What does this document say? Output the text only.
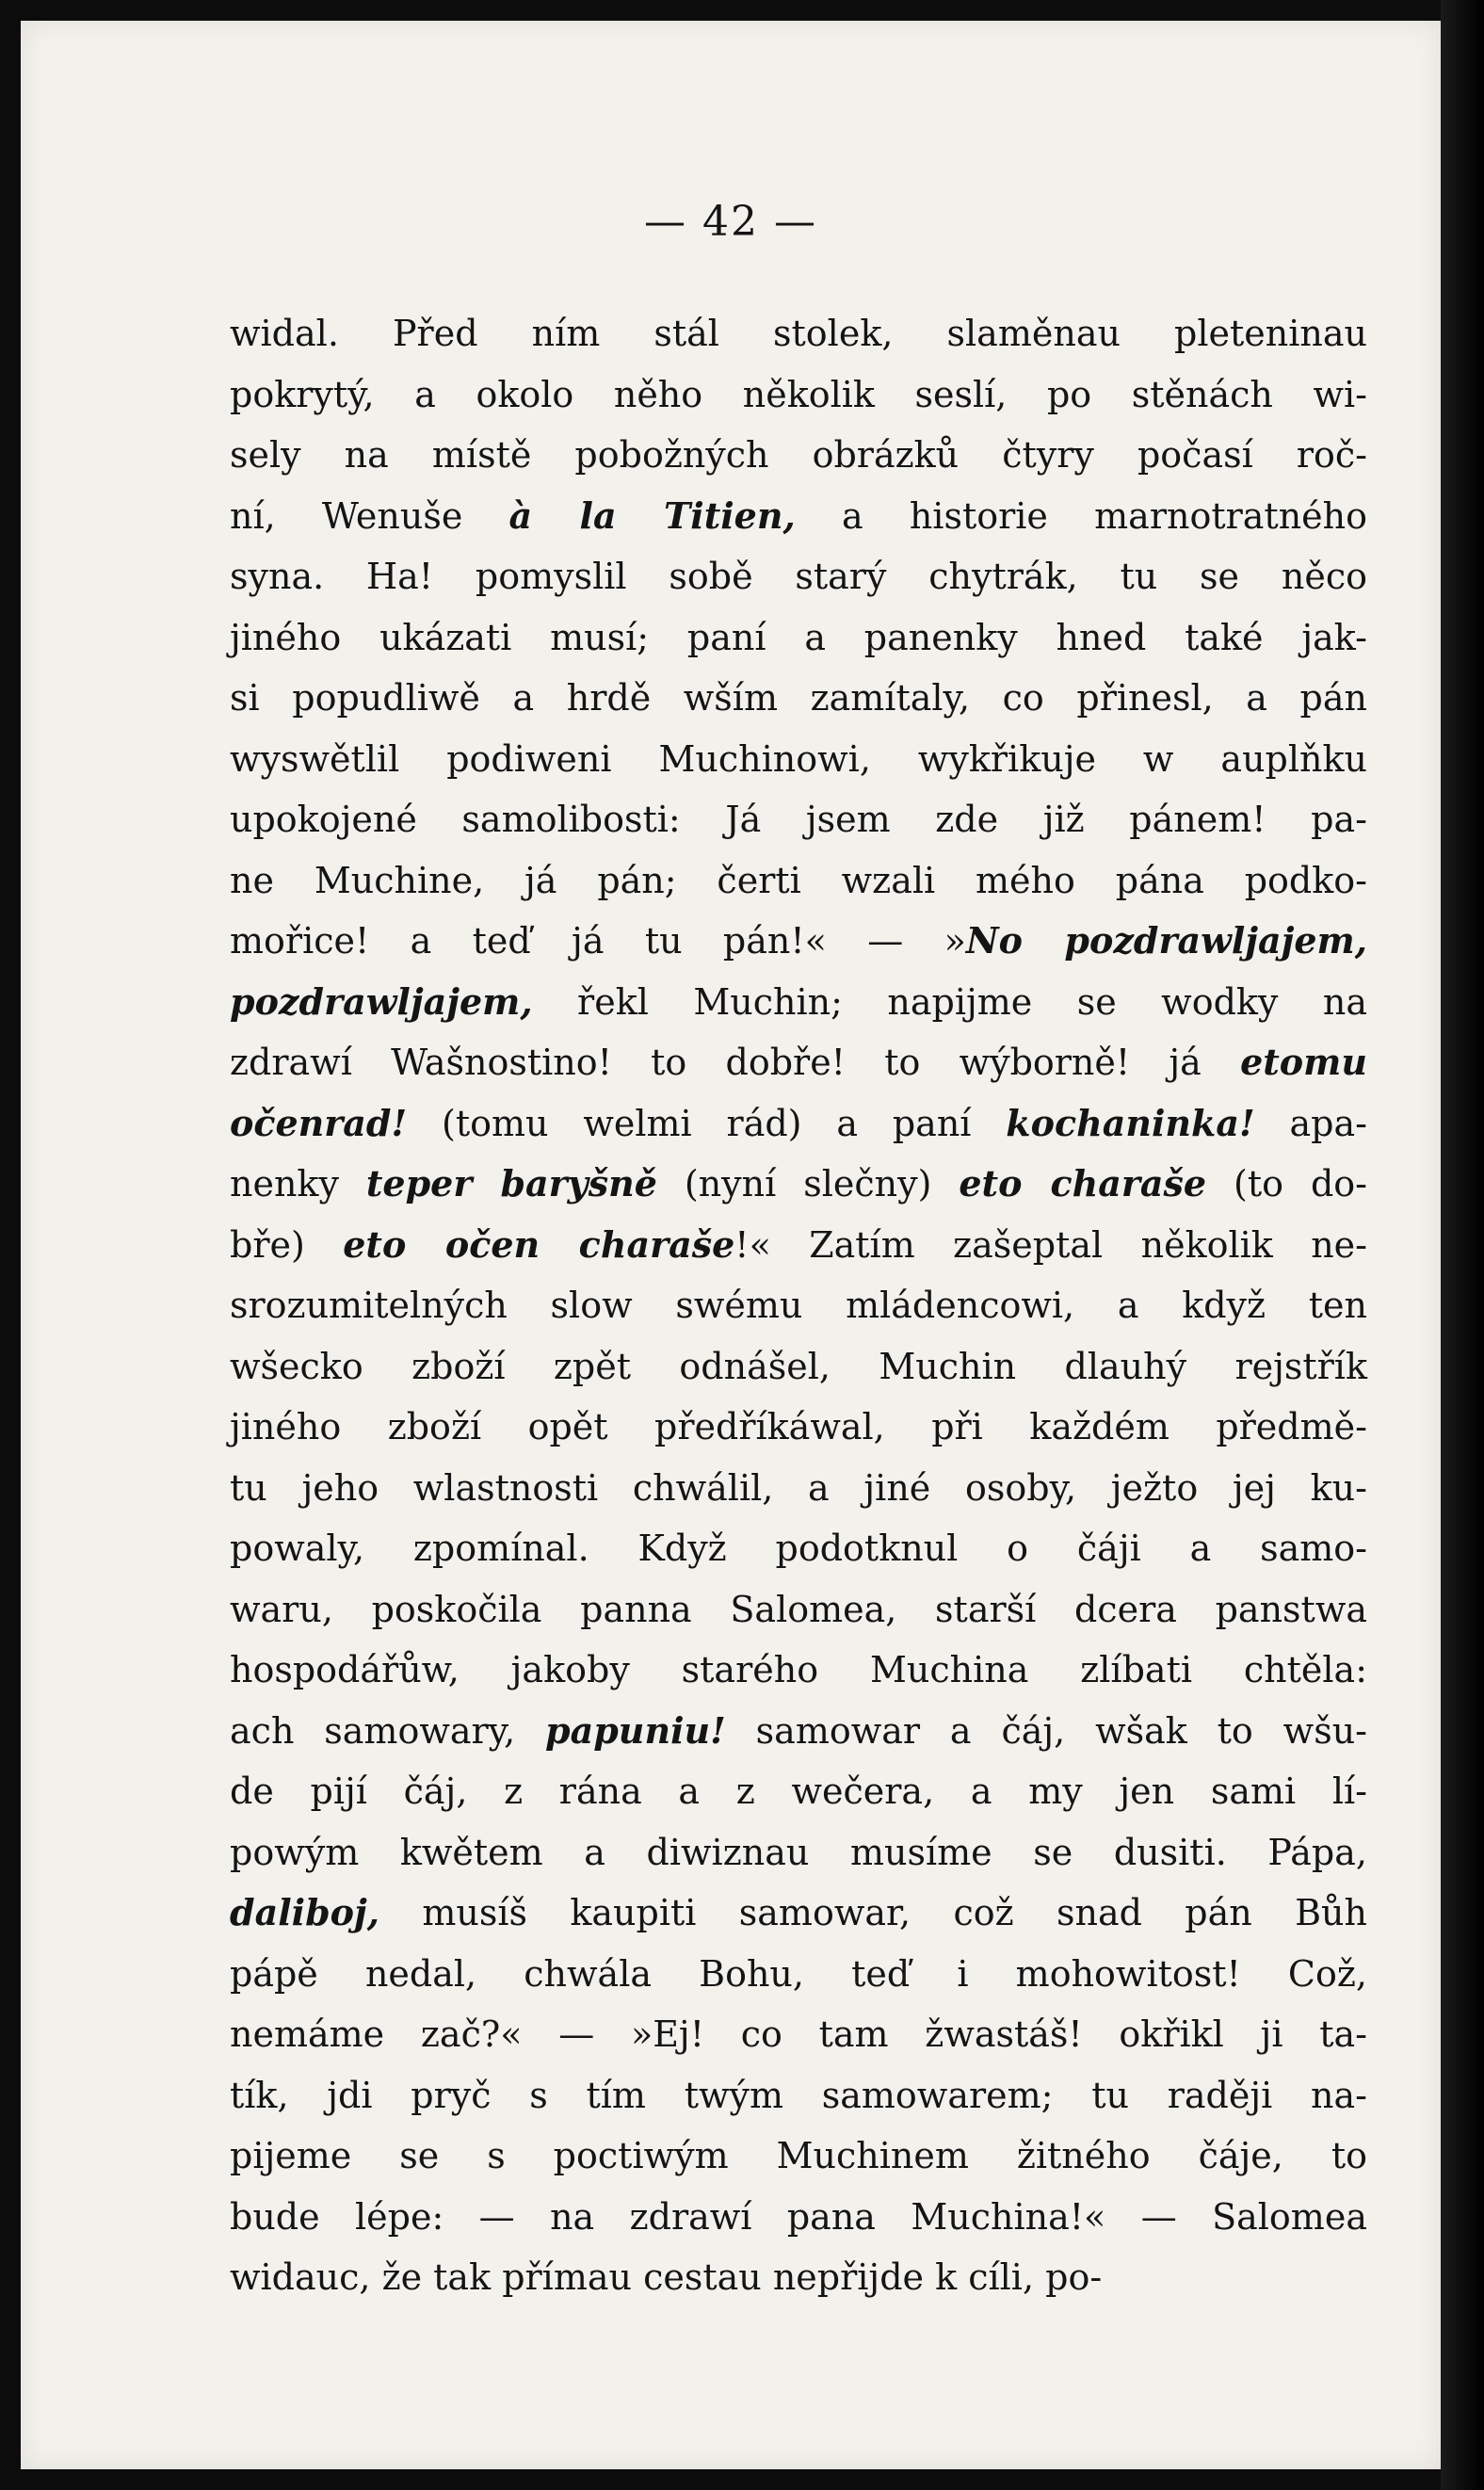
— 42 —
widal. Před ním stál stolek, slaměnau pleteninau
pokrytý, a okolo něho několik seslí, po stěnách wi-
sely na místě pobožných obrázků čtyry počasí roč-
ní, Wenuše à la Titien, a historie marnotratného
syna. Ha! pomyslil sobě starý chytrák, tu se něco
jiného ukázati musí; paní a panenky hned také jak-
si popudliwě a hrdě wším zamítaly, co přinesl, a pán
wyswětlil podiweni Muchinowi, wykřikuje w auplňku
upokojené samolibosti: Já jsem zde již pánem! pa-
ne Muchine, já pán; čerti wzali mého pána podko-
mořice! a teď já tu pán!« — »No pozdrawljajem,
pozdrawljajem, řekl Muchin; napijme se wodky na
zdrawí Wašnostino! to dobře! to wýborně! já etomu
očenrad! (tomu welmi rád) a paní kochaninka! apa-
nenky teper baryšně (nyní slečny) eto charaše (to do-
bře) eto očen charaše!« Zatím zašeptal několik ne-
srozumitelných slow swému mládencowi, a když ten
wšecko zboží zpět odnášel, Muchin dlauhý rejstřík
jiného zboží opět předříkáwal, při každém předmě-
tu jeho wlastnosti chwálil, a jiné osoby, ježto jej ku-
powaly, zpomínal. Když podotknul o čáji a samo-
waru, poskočila panna Salomea, starší dcera panstwa
hospodářůw, jakoby starého Muchina zlíbati chtěla:
ach samowary, papuniu! samowar a čáj, wšak to wšu-
de pijí čáj, z rána a z wečera, a my jen sami lí-
powým kwětem a diwiznau musíme se dusiti. Pápa,
daliboj, musíš kaupiti samowar, což snad pán Bůh
pápě nedal, chwála Bohu, teď i mohowitost! Což,
nemáme zač?« — »Ej! co tam žwastáš! okřikl ji ta-
tík, jdi pryč s tím twým samowarem; tu raději na-
pijeme se s poctiwým Muchinem žitného čáje, to
bude lépe: — na zdrawí pana Muchina!« — Salomea
widauc, že tak přímau cestau nepřijde k cíli, po-
